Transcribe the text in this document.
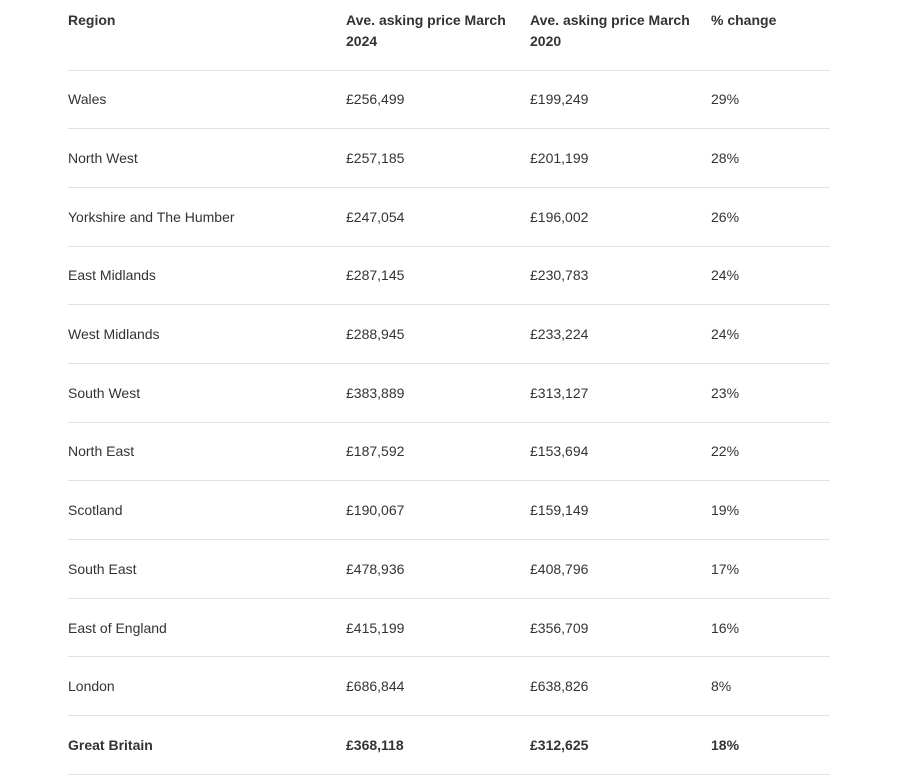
Region	Ave. asking price March 2024	Ave. asking price March 2020	% change
Wales	£256,499	£199,249	29%
North West	£257,185	£201,199	28%
Yorkshire and The Humber	£247,054	£196,002	26%
East Midlands	£287,145	£230,783	24%
West Midlands	£288,945	£233,224	24%
South West	£383,889	£313,127	23%
North East	£187,592	£153,694	22%
Scotland	£190,067	£159,149	19%
South East	£478,936	£408,796	17%
East of England	£415,199	£356,709	16%
London	£686,844	£638,826	8%
Great Britain	£368,118	£312,625	18%
